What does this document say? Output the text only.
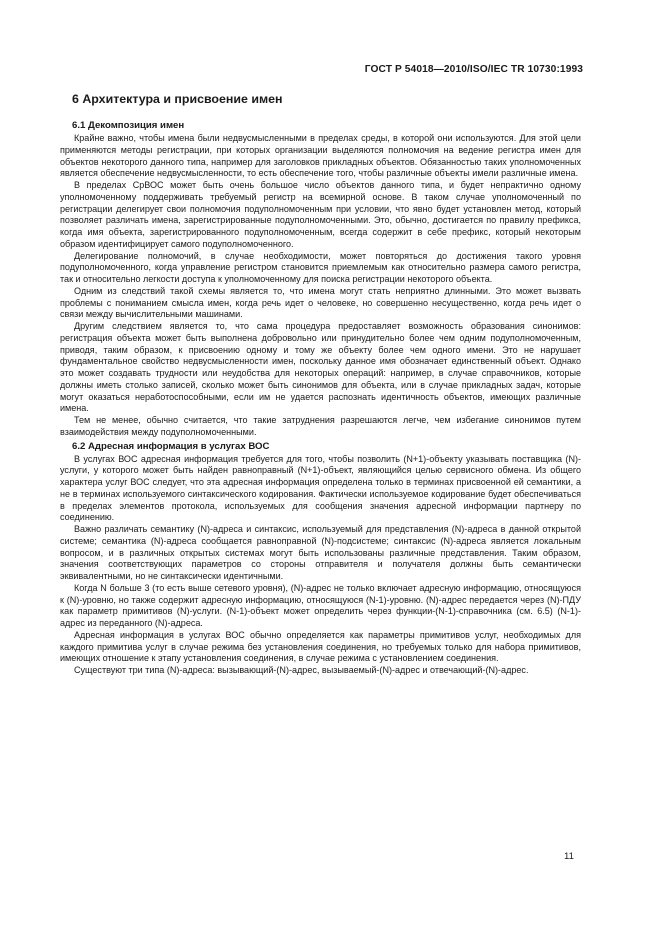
ГОСТ Р 54018—2010/ISO/IEC TR 10730:1993
6 Архитектура и присвоение имен
6.1 Декомпозиция имен

Крайне важно, чтобы имена были недвусмысленными в пределах среды, в которой они используются. Для этой цели применяются методы регистрации, при которых организации выделяются полномочия на ведение регистра имен для объектов некоторого данного типа, например для заголовков прикладных объектов. Обязанностью таких уполномоченных является обеспечение недвусмысленности, то есть обеспечение того, чтобы различные объекты имели различные имена.

В пределах СрВОС может быть очень большое число объектов данного типа, и будет непрактично одному уполномоченному поддерживать требуемый регистр на всемирной основе. В таком случае уполномоченный по регистрации делегирует свои полномочия подуполномоченным при условии, что явно будет установлен метод, который позволяет различать имена, зарегистрированные подуполномоченными. Это, обычно, достигается по правилу префикса, когда имя объекта, зарегистрированного подуполномоченным, всегда содержит в себе префикс, который некоторым образом идентифицирует самого подуполномоченного.

Делегирование полномочий, в случае необходимости, может повторяться до достижения такого уровня подуполномоченного, когда управление регистром становится приемлемым как относительно размера самого регистра, так и относительно легкости доступа к уполномоченному для поиска регистрации некоторого объекта.

Одним из следствий такой схемы является то, что имена могут стать неприятно длинными. Это может вызвать проблемы с пониманием смысла имен, когда речь идет о человеке, но совершенно несущественно, когда речь идет о связи между вычислительными машинами.

Другим следствием является то, что сама процедура предоставляет возможность образования синонимов: регистрация объекта может быть выполнена добровольно или принудительно более чем одним подуполномоченным, приводя, таким образом, к присвоению одному и тому же объекту более чем одного имени. Это не нарушает фундаментальное свойство недвусмысленности имен, поскольку данное имя обозначает единственный объект. Однако это может создавать трудности или неудобства для некоторых операций: например, в случае справочников, которые должны иметь столько записей, сколько может быть синонимов для объекта, или в случае прикладных задач, которые могут оказаться неработоспособными, если им не удается распознать идентичность объектов, имеющих различные имена.

Тем не менее, обычно считается, что такие затруднения разрешаются легче, чем избегание синонимов путем взаимодействия между подуполномоченными.

6.2 Адресная информация в услугах ВОС

В услугах ВОС адресная информация требуется для того, чтобы позволить (N+1)-объекту указывать поставщика (N)-услуги, у которого может быть найден равноправный (N+1)-объект, являющийся целью сервисного обмена. Из общего характера услуг ВОС следует, что эта адресная информация определена только в терминах присвоенной ей семантики, а не в терминах используемого синтаксического кодирования. Фактически используемое кодирование будет обеспечиваться в пределах элементов протокола, используемых для сообщения значения адресной информации партнеру по соединению.

Важно различать семантику (N)-адреса и синтаксис, используемый для представления (N)-адреса в данной открытой системе; семантика (N)-адреса сообщается равноправной (N)-подсистеме; синтаксис (N)-адреса является локальным вопросом, и в различных открытых системах могут быть использованы различные представления. Таким образом, значения соответствующих параметров со стороны отправителя и получателя должны быть семантически эквивалентными, но не синтаксически идентичными.

Когда N больше 3 (то есть выше сетевого уровня), (N)-адрес не только включает адресную информацию, относящуюся к (N)-уровню, но также содержит адресную информацию, относящуюся (N-1)-уровню. (N)-адрес передается через (N)-ПДУ как параметр примитивов (N)-услуги. (N-1)-объект может определить через функции-(N-1)-справочника (см. 6.5) (N-1)-адрес из переданного (N)-адреса.

Адресная информация в услугах ВОС обычно определяется как параметры примитивов услуг, необходимых для каждого примитива услуг в случае режима без установления соединения, но требуемых только для набора примитивов, имеющих отношение к этапу установления соединения, в случае режима с установлением соединения.

Существуют три типа (N)-адреса: вызывающий-(N)-адрес, вызываемый-(N)-адрес и отвечающий-(N)-адрес.

11
